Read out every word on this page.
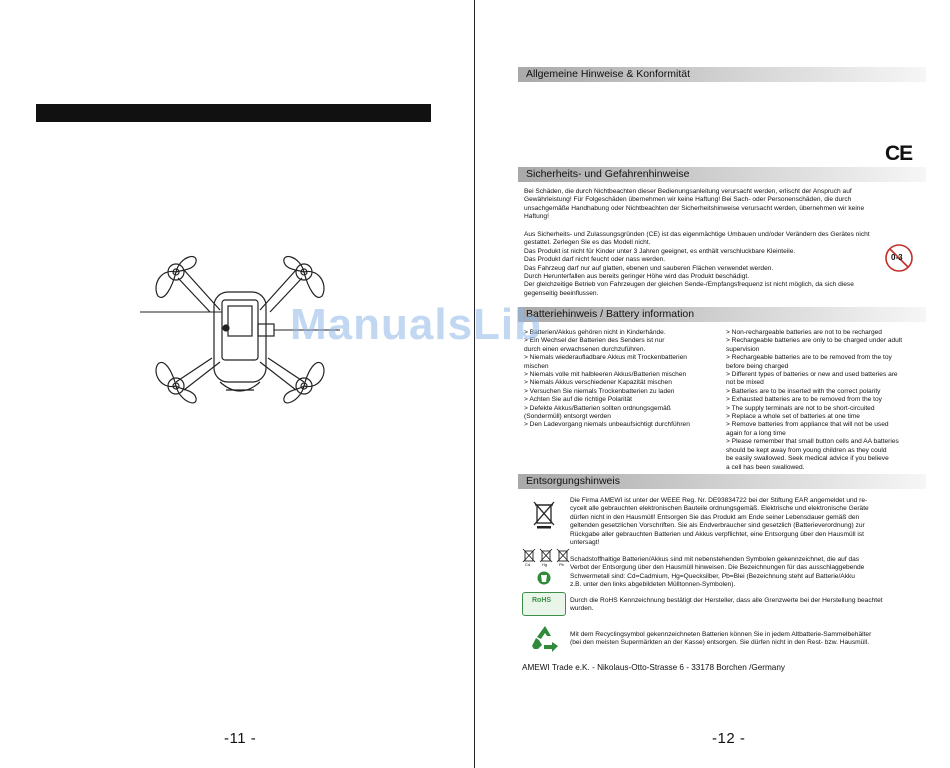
-11 -
Allgemeine Hinweise & Konformität
CE
Sicherheits- und Gefahrenhinweise

Bei Schäden, die durch Nichtbeachten dieser Bedienungsanleitung verursacht werden, erlischt der Anspruch auf

Gewährleistung! Für Folgeschäden übernehmen wir keine Haftung! Bei Sach- oder Personenschäden, die durch

unsachgemäße Handhabung oder Nichtbeachten der Sicherheitshinweise verursacht werden, übernehmen wir keine

Haftung!

Aus Sicherheits- und Zulassungsgründen (CE) ist das eigenmächtige Umbauen und/oder Verändern des Gerätes nicht

gestattet. Zerlegen Sie es das Modell nicht.

Das Produkt ist nicht für Kinder unter 3 Jahren geeignet, es enthält verschluckbare Kleinteile.

Das Produkt darf nicht feucht oder nass werden.

Das Fahrzeug darf nur auf glatten, ebenen und sauberen Flächen verwendet werden.

Durch Herunterfallen aus bereits geringer Höhe wird das Produkt beschädigt.

Der gleichzeitige Betrieb von Fahrzeugen der gleichen Sende-/Empfangsfrequenz ist nicht möglich, da sich diese

gegenseitig beeinflussen.

0-3
Batteriehinweis / Battery information

> Batterien/Akkus gehören nicht in Kinderhände.

> Ein Wechsel der Batterien des Senders ist nur

durch einen erwachsenen durchzuführen.

> Niemals wiederaufladbare Akkus mit Trockenbatterien

mischen

> Niemals volle mit halbleeren Akkus/Batterien mischen

> Niemals Akkus verschiedener Kapazität mischen

> Versuchen Sie niemals Trockenbatterien zu laden

> Achten Sie auf die richtige Polarität

> Defekte Akkus/Batterien sollten ordnungsgemäß

(Sondermüll) entsorgt werden

> Den Ladevorgang niemals unbeaufsichtigt durchführen

> Non-rechargeable batteries are not to be recharged

> Rechargeable batteries are only to be charged under adult

supervision

> Rechargeable batteries are to be removed from the toy

before being charged

> Different types of batteries or new and used batteries are

not be mixed

> Batteries are to be inserted with the correct polarity

> Exhausted batteries are to be removed from the toy

> The supply terminals are not to be short-circuited

> Replace a whole set of batteries at one time

> Remove batteries from appliance that will not be used

again for a long time

> Please remember that small button cells and AA batteries

should be kept away from young children as they could

be easily swallowed. Seek medical advice if you believe

a cell has been swallowed.

Entsorgungshinweis

Die Firma AMEWI ist unter der WEEE Reg. Nr. DE93834722 bei der Stiftung EAR angemeldet und re-

cycelt alle gebrauchten elektronischen Bauteile ordnungsgemäß. Elektrische und elektronische Geräte

dürfen nicht in den Hausmüll! Entsorgen Sie das Produkt am Ende seiner Lebensdauer gemäß den

geltenden gesetzlichen Vorschriften. Sie als Endverbraucher sind gesetzlich (Batterieverordnung) zur

Rückgabe aller gebrauchten Batterien und Akkus verpflichtet, eine Entsorgung über den Hausmüll ist

untersagt!

Cd	Hg	Pb

Schadstoffhaltige Batterien/Akkus sind mit nebenstehenden Symbolen gekennzeichnet, die auf das

Verbot der Entsorgung über den Hausmüll hinweisen. Die Bezeichnungen für das ausschlaggebende

Schwermetall sind: Cd=Cadmium, Hg=Quecksilber, Pb=Blei (Bezeichnung steht auf Batterie/Akku

z.B. unter den links abgebildeten Mülltonnen-Symbolen).

RoHS	Durch die RoHS Kennzeichnung bestätigt der Hersteller, dass alle Grenzwerte bei der Herstellung beachtet

wurden.

Mit dem Recyclingsymbol gekennzeichneten Batterien können Sie in jedem Altbatterie-Sammelbehälter

(bei den meisten Supermärkten an der Kasse) entsorgen. Sie dürfen nicht in den Rest- bzw. Hausmüll.

AMEWI Trade e.K. - Nikolaus-Otto-Strasse 6 - 33178 Borchen /Germany
-12 -
ManualsLib
